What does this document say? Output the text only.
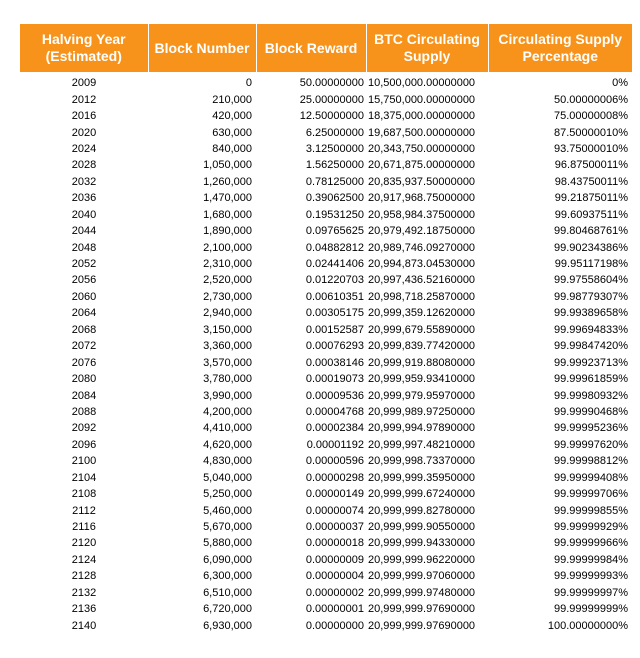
Halving Year (Estimated)	Block Number	Block Reward	BTC Circulating Supply	Circulating Supply Percentage
2009	0	50.00000000	10,500,000.00000000	0%
2012	210,000	25.00000000	15,750,000.00000000	50.00000006%
2016	420,000	12.50000000	18,375,000.00000000	75.00000008%
2020	630,000	6.25000000	19,687,500.00000000	87.50000010%
2024	840,000	3.12500000	20,343,750.00000000	93.75000010%
2028	1,050,000	1.56250000	20,671,875.00000000	96.87500011%
2032	1,260,000	0.78125000	20,835,937.50000000	98.43750011%
2036	1,470,000	0.39062500	20,917,968.75000000	99.21875011%
2040	1,680,000	0.19531250	20,958,984.37500000	99.60937511%
2044	1,890,000	0.09765625	20,979,492.18750000	99.80468761%
2048	2,100,000	0.04882812	20,989,746.09270000	99.90234386%
2052	2,310,000	0.02441406	20,994,873.04530000	99.95117198%
2056	2,520,000	0.01220703	20,997,436.52160000	99.97558604%
2060	2,730,000	0.00610351	20,998,718.25870000	99.98779307%
2064	2,940,000	0.00305175	20,999,359.12620000	99.99389658%
2068	3,150,000	0.00152587	20,999,679.55890000	99.99694833%
2072	3,360,000	0.00076293	20,999,839.77420000	99.99847420%
2076	3,570,000	0.00038146	20,999,919.88080000	99.99923713%
2080	3,780,000	0.00019073	20,999,959.93410000	99.99961859%
2084	3,990,000	0.00009536	20,999,979.95970000	99.99980932%
2088	4,200,000	0.00004768	20,999,989.97250000	99.99990468%
2092	4,410,000	0.00002384	20,999,994.97890000	99.99995236%
2096	4,620,000	0.00001192	20,999,997.48210000	99.99997620%
2100	4,830,000	0.00000596	20,999,998.73370000	99.99998812%
2104	5,040,000	0.00000298	20,999,999.35950000	99.99999408%
2108	5,250,000	0.00000149	20,999,999.67240000	99.99999706%
2112	5,460,000	0.00000074	20,999,999.82780000	99.99999855%
2116	5,670,000	0.00000037	20,999,999.90550000	99.99999929%
2120	5,880,000	0.00000018	20,999,999.94330000	99.99999966%
2124	6,090,000	0.00000009	20,999,999.96220000	99.99999984%
2128	6,300,000	0.00000004	20,999,999.97060000	99.99999993%
2132	6,510,000	0.00000002	20,999,999.97480000	99.99999997%
2136	6,720,000	0.00000001	20,999,999.97690000	99.99999999%
2140	6,930,000	0.00000000	20,999,999.97690000	100.00000000%
